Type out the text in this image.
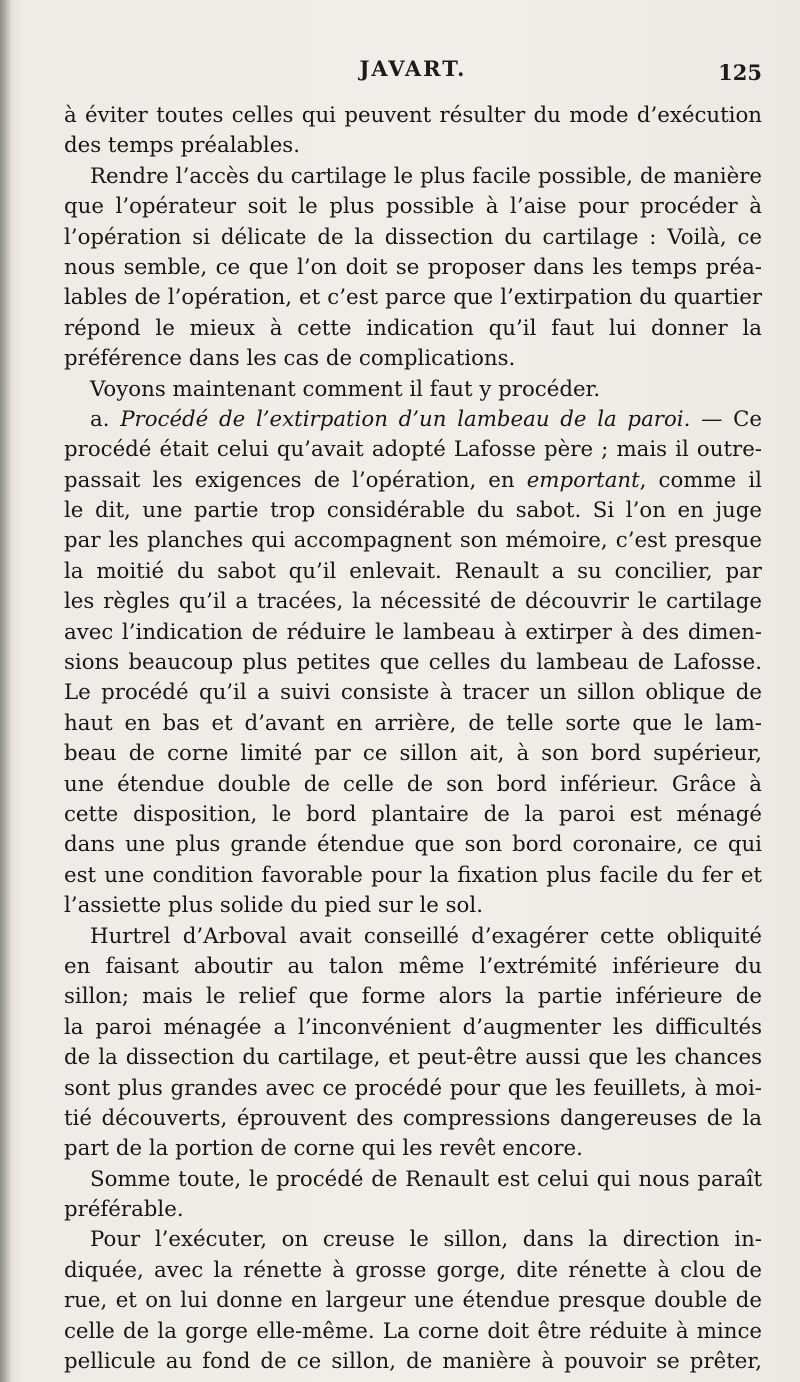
JAVART.	125
à éviter toutes celles qui peuvent résulter du mode d’exécution
des temps préalables.
Rendre l’accès du cartilage le plus facile possible, de manière
que l’opérateur soit le plus possible à l’aise pour procéder à
l’opération si délicate de la dissection du cartilage : Voilà, ce
nous semble, ce que l’on doit se proposer dans les temps préa-
lables de l’opération, et c’est parce que l’extirpation du quartier
répond le mieux à cette indication qu’il faut lui donner la
préférence dans les cas de complications.
Voyons maintenant comment il faut y procéder.
a. Procédé de l’extirpation d’un lambeau de la paroi. — Ce
procédé était celui qu’avait adopté Lafosse père ; mais il outre-
passait les exigences de l’opération, en emportant, comme il
le dit, une partie trop considérable du sabot. Si l’on en juge
par les planches qui accompagnent son mémoire, c’est presque
la moitié du sabot qu’il enlevait. Renault a su concilier, par
les règles qu’il a tracées, la nécessité de découvrir le cartilage
avec l’indication de réduire le lambeau à extirper à des dimen-
sions beaucoup plus petites que celles du lambeau de Lafosse.
Le procédé qu’il a suivi consiste à tracer un sillon oblique de
haut en bas et d’avant en arrière, de telle sorte que le lam-
beau de corne limité par ce sillon ait, à son bord supérieur,
une étendue double de celle de son bord inférieur. Grâce à
cette disposition, le bord plantaire de la paroi est ménagé
dans une plus grande étendue que son bord coronaire, ce qui
est une condition favorable pour la fixation plus facile du fer et
l’assiette plus solide du pied sur le sol.
Hurtrel d’Arboval avait conseillé d’exagérer cette obliquité
en faisant aboutir au talon même l’extrémité inférieure du
sillon; mais le relief que forme alors la partie inférieure de
la paroi ménagée a l’inconvénient d’augmenter les difficultés
de la dissection du cartilage, et peut-être aussi que les chances
sont plus grandes avec ce procédé pour que les feuillets, à moi-
tié découverts, éprouvent des compressions dangereuses de la
part de la portion de corne qui les revêt encore.
Somme toute, le procédé de Renault est celui qui nous paraît
préférable.
Pour l’exécuter, on creuse le sillon, dans la direction in-
diquée, avec la rénette à grosse gorge, dite rénette à clou de
rue, et on lui donne en largeur une étendue presque double de
celle de la gorge elle-même. La corne doit être réduite à mince
pellicule au fond de ce sillon, de manière à pouvoir se prêter,
